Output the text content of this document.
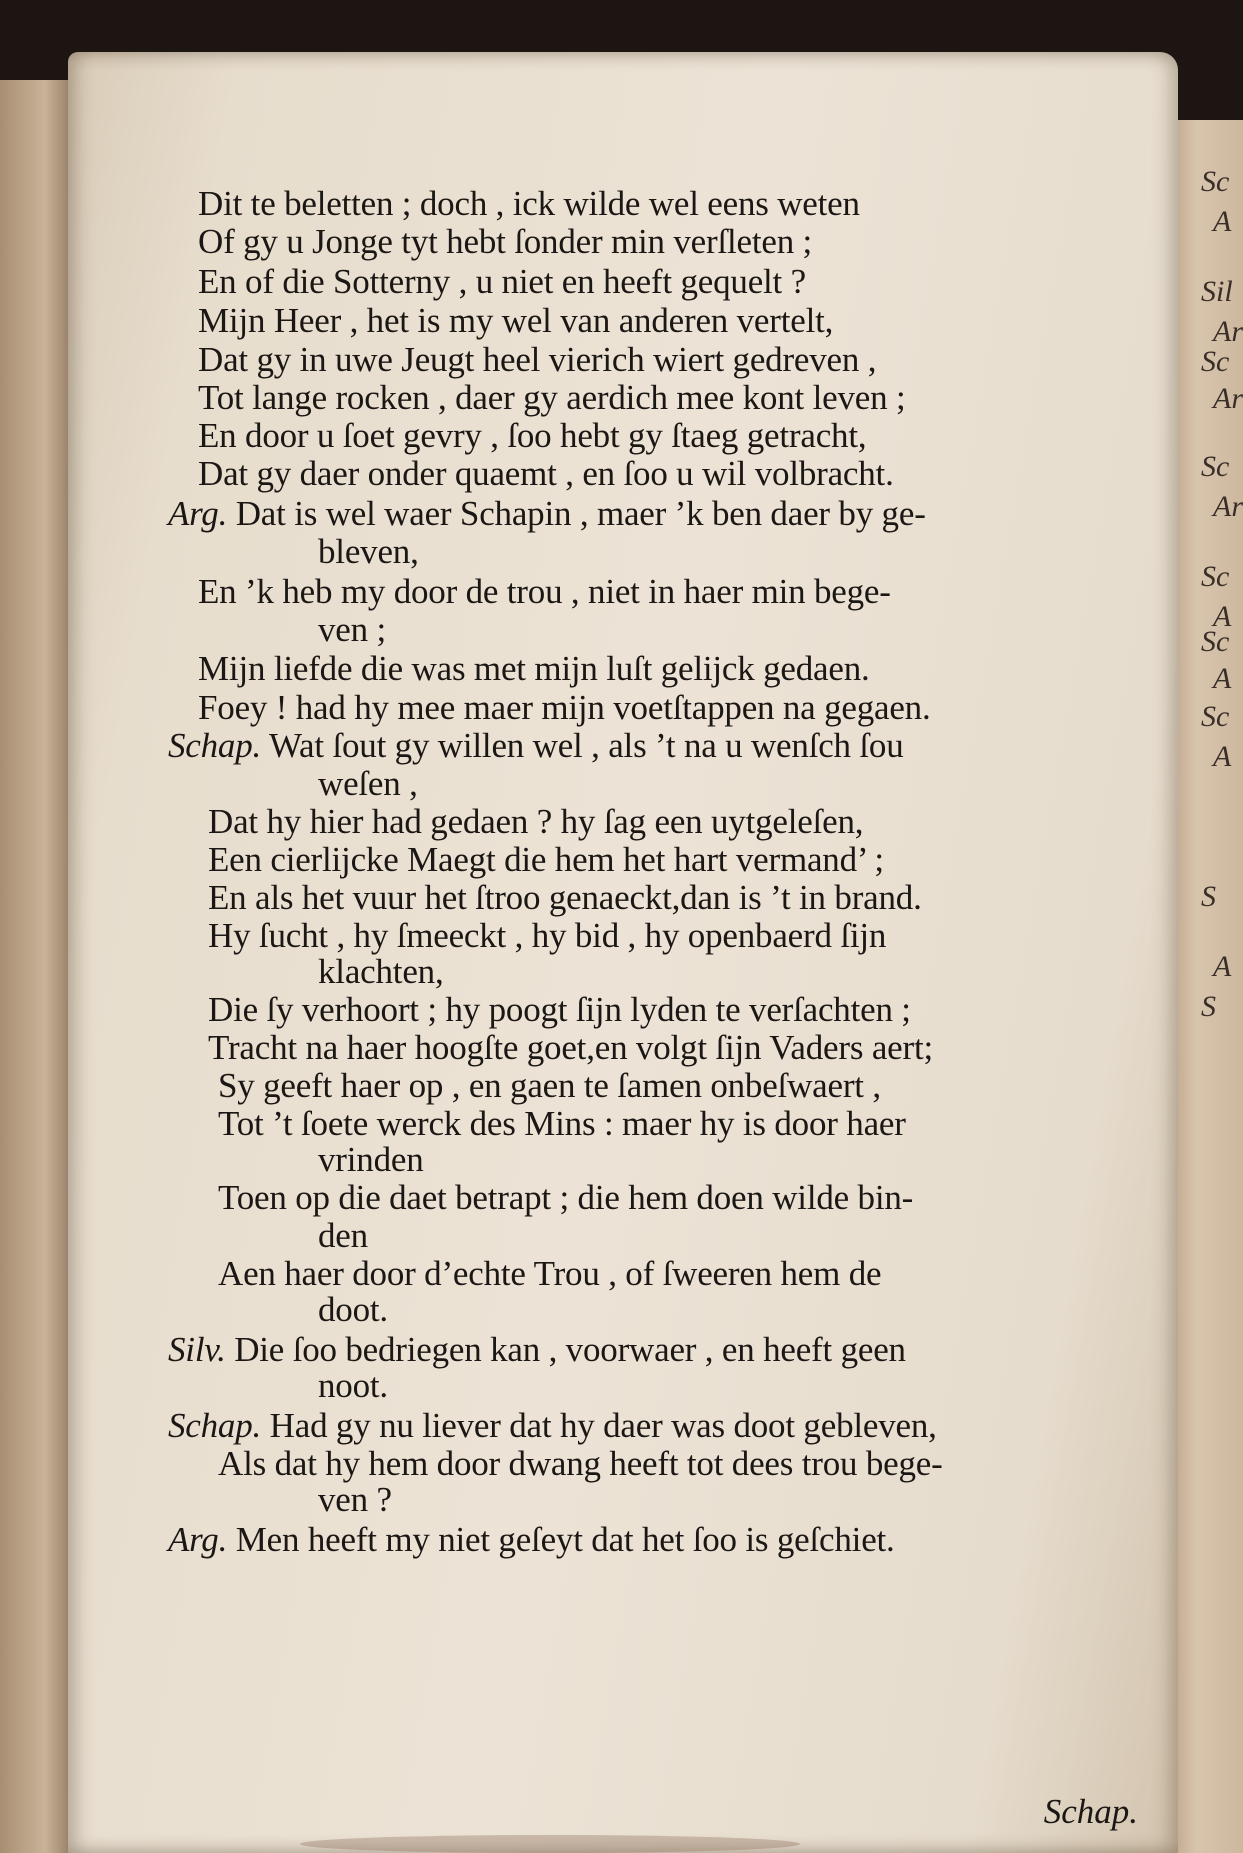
Sc
A
Sil
Ar
Sc
Ar
Sc
Ar
Sc
A
Sc
A
Sc
A
S
A
S
Dit te beletten ; doch , ick wilde wel eens weten
Of gy u Jonge tyt hebt ſonder min verſleten ;
En of die Sotterny , u niet en heeft gequelt ?
Mijn Heer , het is my wel van anderen vertelt,
Dat gy in uwe Jeugt heel vierich wiert gedreven ,
Tot lange rocken , daer gy aerdich mee kont leven ;
En door u ſoet gevry , ſoo hebt gy ſtaeg getracht,
Dat gy daer onder quaemt , en ſoo u wil volbracht.
Arg. Dat is wel waer Schapin , maer ’k ben daer by ge-
bleven,
En ’k heb my door de trou , niet in haer min bege-
ven ;
Mijn liefde die was met mijn luſt gelijck gedaen.
Foey ! had hy mee maer mijn voetſtappen na gegaen.
Schap. Wat ſout gy willen wel , als ’t na u wenſch ſou
weſen ,
Dat hy hier had gedaen ? hy ſag een uytgeleſen,
Een cierlijcke Maegt die hem het hart vermand’ ;
En als het vuur het ſtroo genaeckt,dan is ’t in brand.
Hy ſucht , hy ſmeeckt , hy bid , hy openbaerd ſijn
klachten,
Die ſy verhoort ; hy poogt ſijn lyden te verſachten ;
Tracht na haer hoogſte goet,en volgt ſijn Vaders aert;
Sy geeft haer op , en gaen te ſamen onbeſwaert ,
Tot ’t ſoete werck des Mins : maer hy is door haer
vrinden
Toen op die daet betrapt ; die hem doen wilde bin-
den
Aen haer door d’echte Trou , of ſweeren hem de
doot.
Silv. Die ſoo bedriegen kan , voorwaer , en heeft geen
noot.
Schap. Had gy nu liever dat hy daer was doot gebleven,
Als dat hy hem door dwang heeft tot dees trou bege-
ven ?
Arg. Men heeft my niet geſeyt dat het ſoo is geſchiet.
Schap.
